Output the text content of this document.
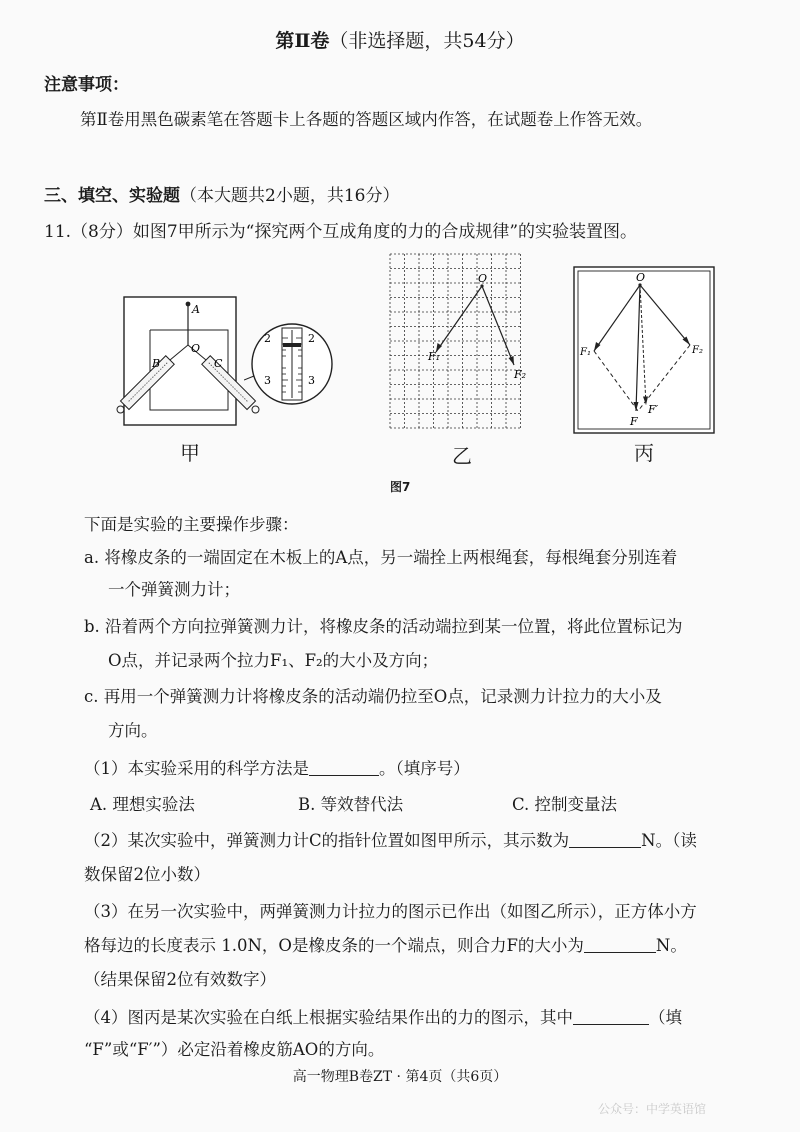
第Ⅱ卷（非选择题，共54分）
注意事项：
第Ⅱ卷用黑色碳素笔在答题卡上各题的答题区域内作答，在试题卷上作答无效。
三、填空、实验题（本大题共2小题，共16分）
11.（8分）如图7甲所示为“探究两个互成角度的力的合成规律”的实验装置图。
A
O
B	C
2	2
3	3
O
F₁
F₂
O
F₁	F₂
F
F′
甲	乙	丙
图7
下面是实验的主要操作步骤：
a. 将橡皮条的一端固定在木板上的A点，另一端拴上两根绳套，每根绳套分别连着
一个弹簧测力计；
b. 沿着两个方向拉弹簧测力计，将橡皮条的活动端拉到某一位置，将此位置标记为
O点，并记录两个拉力F₁、F₂的大小及方向；
c. 再用一个弹簧测力计将橡皮条的活动端仍拉至O点，记录测力计拉力的大小及
方向。
（1）本实验采用的科学方法是	。（填序号）
A. 理想实验法	B. 等效替代法	C. 控制变量法
（2）某次实验中，弹簧测力计C的指针位置如图甲所示，其示数为	N。（读
数保留2位小数）
（3）在另一次实验中，两弹簧测力计拉力的图示已作出（如图乙所示），正方体小方
格每边的长度表示 1.0N，O是橡皮条的一个端点，则合力F的大小为	N。
（结果保留2位有效数字）
（4）图丙是某次实验在白纸上根据实验结果作出的力的图示，其中	（填
“F”或“F′”）必定沿着橡皮筋AO的方向。
高一物理B卷ZT · 第4页（共6页）
公众号：中学英语馆
